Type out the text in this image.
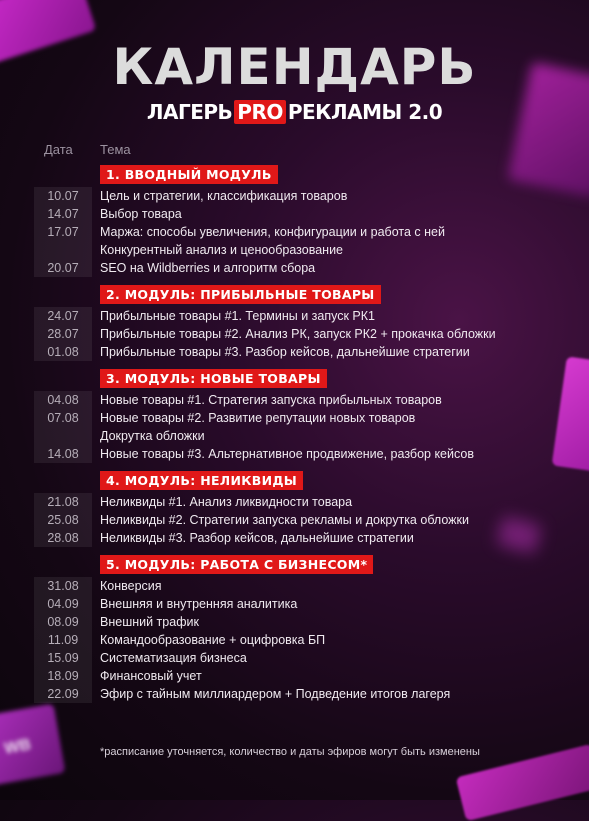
WB
КАЛЕНДАРЬ
ЛАГЕРЬ PRO РЕКЛАМЫ 2.0
Дата Тема
1. ВВОДНЫЙ МОДУЛЬ
10.07	Цель и стратегии, классификация товаров
14.07	Выбор товара
17.07	Маржа: способы увеличения, конфигурации и работа с ней
Конкурентный анализ и ценообразование
20.07	SEO на Wildberries и алгоритм сбора
2. МОДУЛЬ: ПРИБЫЛЬНЫЕ ТОВАРЫ
24.07	Прибыльные товары #1. Термины и запуск РК1
28.07	Прибыльные товары #2. Анализ РК, запуск РК2 + прокачка обложки
01.08	Прибыльные товары #3. Разбор кейсов, дальнейшие стратегии
3. МОДУЛЬ: НОВЫЕ ТОВАРЫ
04.08	Новые товары #1. Стратегия запуска прибыльных товаров
07.08	Новые товары #2. Развитие репутации новых товаров
Докрутка обложки
14.08	Новые товары #3. Альтернативное продвижение, разбор кейсов
4. МОДУЛЬ: НЕЛИКВИДЫ
21.08	Неликвиды #1. Анализ ликвидности товара
25.08	Неликвиды #2. Стратегии запуска рекламы и докрутка обложки
28.08	Неликвиды #3. Разбор кейсов, дальнейшие стратегии
5. МОДУЛЬ: РАБОТА С БИЗНЕСОМ*
31.08	Конверсия
04.09	Внешняя и внутренняя аналитика
08.09	Внешний трафик
11.09	Командообразование + оцифровка БП
15.09	Систематизация бизнеса
18.09	Финансовый учет
22.09	Эфир с тайным миллиардером + Подведение итогов лагеря
*расписание уточняется, количество и даты эфиров могут быть изменены
